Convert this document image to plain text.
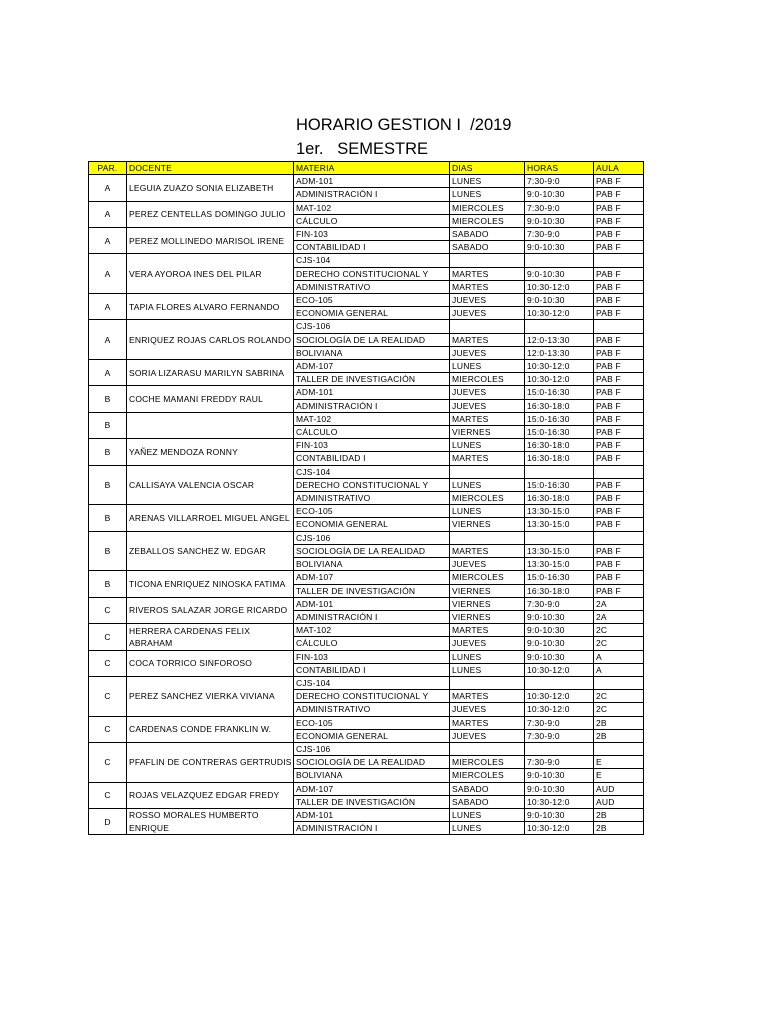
HORARIO GESTION I  /2019
1er.   SEMESTRE
PAR.	DOCENTE	MATERIA	DIAS	HORAS	AULA
A	LEGUIA ZUAZO SONIA ELIZABETH	ADM-101	LUNES	7:30-9:0	PAB F
		ADMINISTRACIÓN I	LUNES	9:0-10:30	PAB F
A	PEREZ CENTELLAS DOMINGO JULIO	MAT-102	MIERCOLES	7:30-9:0	PAB F
		CÁLCULO	MIERCOLES	9:0-10:30	PAB F
A	PEREZ MOLLINEDO MARISOL IRENE	FIN-103	SABADO	7:30-9:0	PAB F
		CONTABILIDAD I	SABADO	9:0-10:30	PAB F
A	VERA AYOROA INES DEL PILAR	CJS-104			
		DERECHO CONSTITUCIONAL Y	MARTES	9:0-10:30	PAB F
		ADMINISTRATIVO	MARTES	10:30-12:0	PAB F
A	TAPIA FLORES ALVARO FERNANDO	ECO-105	JUEVES	9:0-10:30	PAB F
		ECONOMIA GENERAL	JUEVES	10:30-12:0	PAB F
A	ENRIQUEZ ROJAS CARLOS ROLANDO	CJS-106			
		SOCIOLOGÍA DE LA REALIDAD	MARTES	12:0-13:30	PAB F
		BOLIVIANA	JUEVES	12:0-13:30	PAB F
A	SORIA LIZARASU MARILYN SABRINA	ADM-107	LUNES	10:30-12:0	PAB F
		TALLER DE INVESTIGACIÓN	MIERCOLES	10:30-12:0	PAB F
B	COCHE MAMANI FREDDY RAUL	ADM-101	JUEVES	15:0-16:30	PAB F
		ADMINISTRACIÓN I	JUEVES	16:30-18:0	PAB F
B		MAT-102	MARTES	15:0-16:30	PAB F
		CÁLCULO	VIERNES	15:0-16:30	PAB F
B	YAÑEZ MENDOZA RONNY	FIN-103	LUNES	16:30-18:0	PAB F
		CONTABILIDAD I	MARTES	16:30-18:0	PAB F
B	CALLISAYA VALENCIA OSCAR	CJS-104			
		DERECHO CONSTITUCIONAL Y	LUNES	15:0-16:30	PAB F
		ADMINISTRATIVO	MIERCOLES	16:30-18:0	PAB F
B	ARENAS VILLARROEL MIGUEL ANGEL	ECO-105	LUNES	13:30-15:0	PAB F
		ECONOMIA GENERAL	VIERNES	13:30-15:0	PAB F
B	ZEBALLOS SANCHEZ W. EDGAR	CJS-106			
		SOCIOLOGÍA DE LA REALIDAD	MARTES	13:30-15:0	PAB F
		BOLIVIANA	JUEVES	13:30-15:0	PAB F
B	TICONA ENRIQUEZ NINOSKA FATIMA	ADM-107	MIERCOLES	15:0-16:30	PAB F
		TALLER DE INVESTIGACIÓN	VIERNES	16:30-18:0	PAB F
C	RIVEROS SALAZAR JORGE RICARDO	ADM-101	VIERNES	7:30-9:0	2A
		ADMINISTRACIÓN I	VIERNES	9:0-10:30	2A
C	HERRERA CARDENAS FELIX ABRAHAM	MAT-102	MARTES	9:0-10:30	2C
		CÁLCULO	JUEVES	9:0-10:30	2C
C	COCA TORRICO SINFOROSO	FIN-103	LUNES	9:0-10:30	A
		CONTABILIDAD I	LUNES	10:30-12:0	A
C	PEREZ SANCHEZ VIERKA VIVIANA	CJS-104			
		DERECHO CONSTITUCIONAL Y	MARTES	10:30-12:0	2C
		ADMINISTRATIVO	JUEVES	10:30-12:0	2C
C	CARDENAS CONDE FRANKLIN W.	ECO-105	MARTES	7:30-9:0	2B
		ECONOMIA GENERAL	JUEVES	7:30-9:0	2B
C	PFAFLIN DE CONTRERAS GERTRUDIS	CJS-106			
		SOCIOLOGÍA DE LA REALIDAD	MIERCOLES	7:30-9:0	E
		BOLIVIANA	MIERCOLES	9:0-10:30	E
C	ROJAS VELAZQUEZ EDGAR FREDY	ADM-107	SABADO	9:0-10:30	AUD
		TALLER DE INVESTIGACIÓN	SABADO	10:30-12:0	AUD
D	ROSSO MORALES HUMBERTO ENRIQUE	ADM-101	LUNES	9:0-10:30	2B
		ADMINISTRACIÓN I	LUNES	10:30-12:0	2B
